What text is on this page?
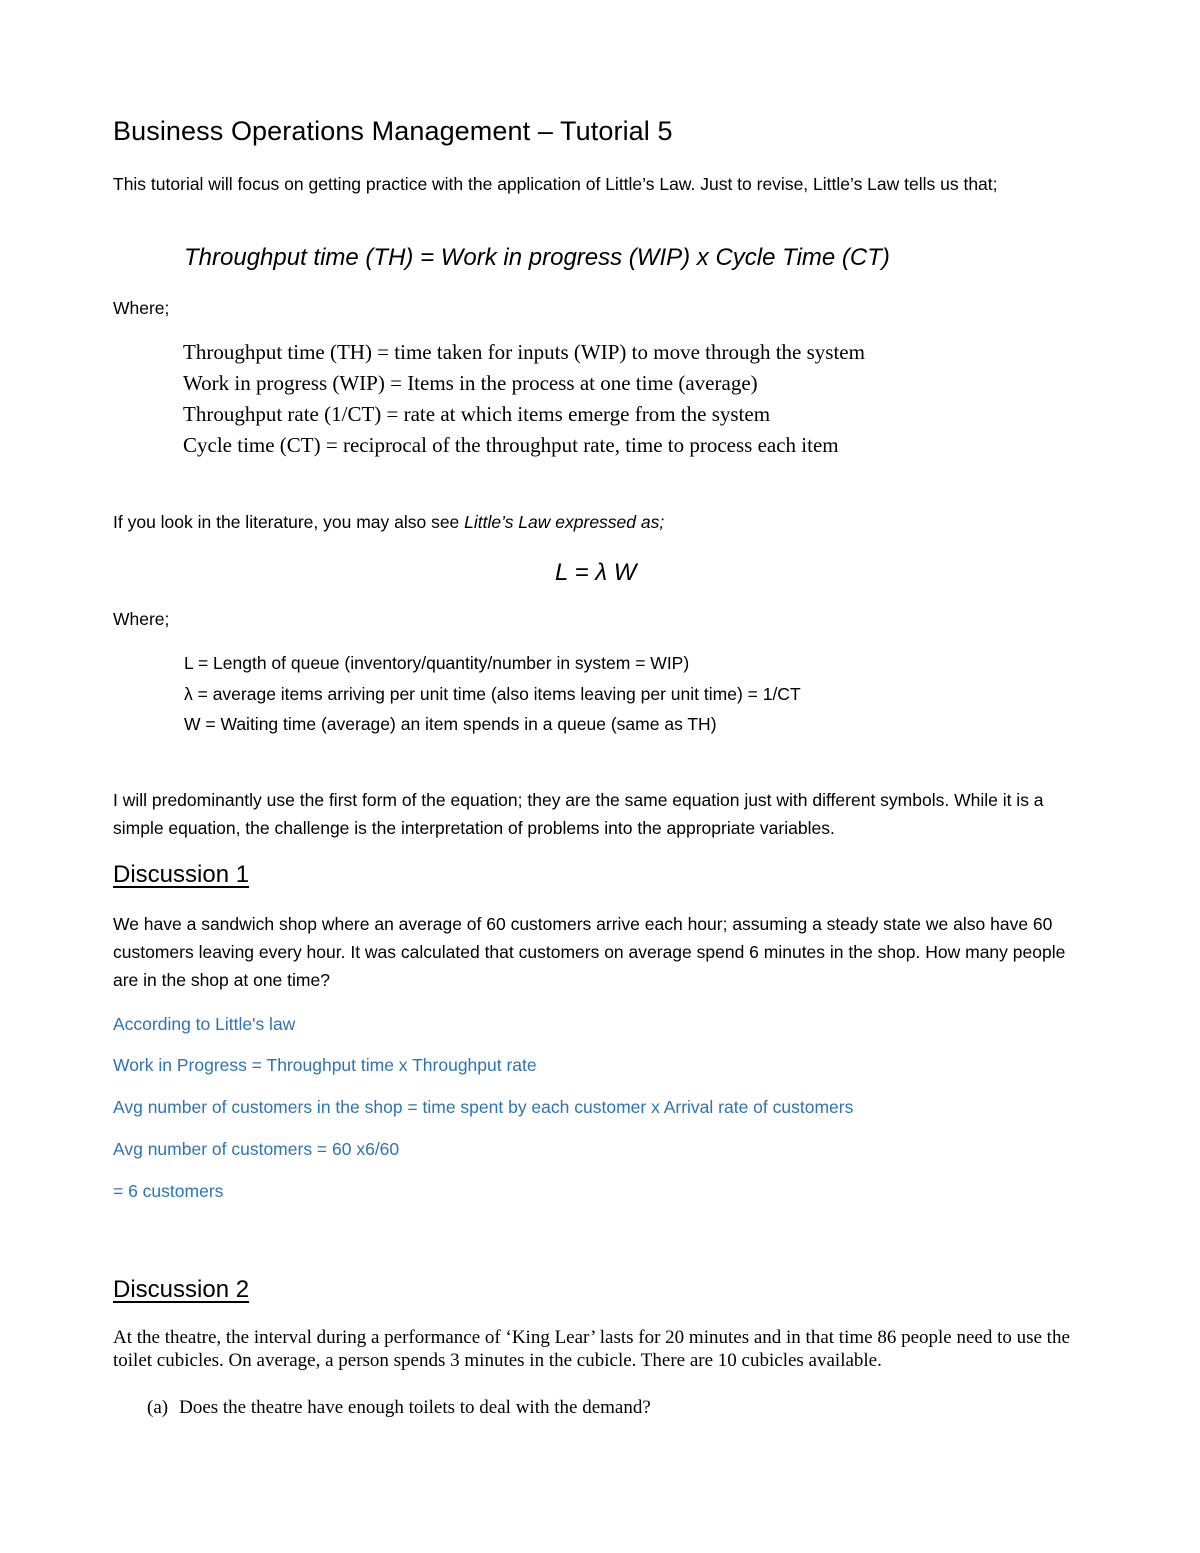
Business Operations Management – Tutorial 5
This tutorial will focus on getting practice with the application of Little’s Law. Just to revise, Little’s Law tells us that;
Throughput time (TH) = Work in progress (WIP) x Cycle Time (CT)
Where;
Throughput time (TH) = time taken for inputs (WIP) to move through the system
Work in progress (WIP) = Items in the process at one time (average)
Throughput rate (1/CT) = rate at which items emerge from the system
Cycle time (CT) = reciprocal of the throughput rate, time to process each item
If you look in the literature, you may also see Little’s Law expressed as;
L = λ W
Where;
L = Length of queue (inventory/quantity/number in system = WIP)
λ = average items arriving per unit time (also items leaving per unit time) = 1/CT
W = Waiting time (average) an item spends in a queue (same as TH)
I will predominantly use the first form of the equation; they are the same equation just with different symbols. While it is a simple equation, the challenge is the interpretation of problems into the appropriate variables.
Discussion 1
We have a sandwich shop where an average of 60 customers arrive each hour; assuming a steady state we also have 60 customers leaving every hour. It was calculated that customers on average spend 6 minutes in the shop. How many people are in the shop at one time?
According to Little's law
Work in Progress = Throughput time x Throughput rate
Avg number of customers in the shop = time spent by each customer x Arrival rate of customers
Avg number of customers = 60 x6/60
= 6 customers
Discussion 2
At the theatre, the interval during a performance of ‘King Lear’ lasts for 20 minutes and in that time 86 people need to use the toilet cubicles. On average, a person spends 3 minutes in the cubicle. There are 10 cubicles available.
(a) Does the theatre have enough toilets to deal with the demand?
